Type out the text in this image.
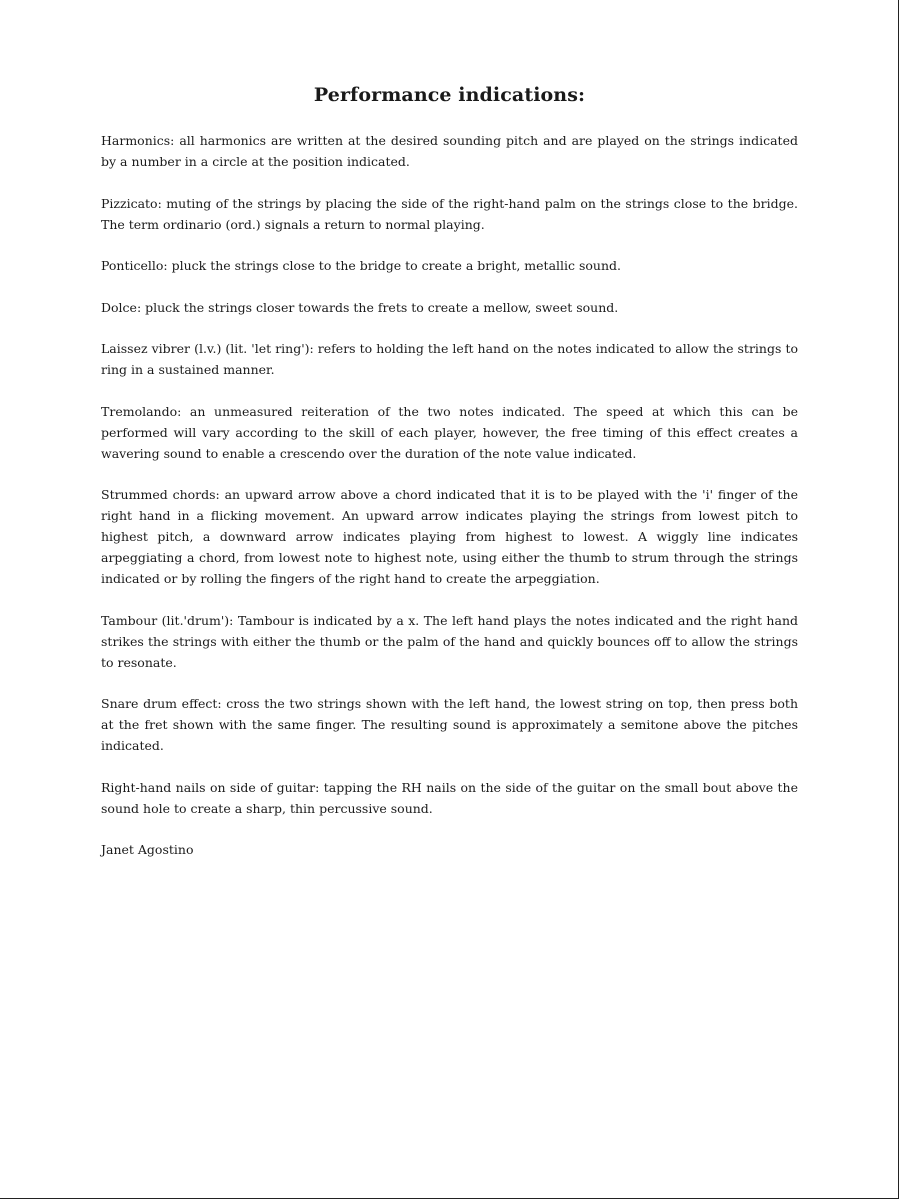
Performance indications:

Harmonics: all harmonics are written at the desired sounding pitch and are played on the strings indicated by a number in a circle at the position indicated.

Pizzicato: muting of the strings by placing the side of the right-hand palm on the strings close to the bridge. The term ordinario (ord.) signals a return to normal playing.

Ponticello: pluck the strings close to the bridge to create a bright, metallic sound.

Dolce: pluck the strings closer towards the frets to create a mellow, sweet sound.

Laissez vibrer (l.v.) (lit. 'let ring'): refers to holding the left hand on the notes indicated to allow the strings to ring in a sustained manner.

Tremolando: an unmeasured reiteration of the two notes indicated. The speed at which this can be performed will vary according to the skill of each player, however, the free timing of this effect creates a wavering sound to enable a crescendo over the duration of the note value indicated.

Strummed chords: an upward arrow above a chord indicated that it is to be played with the 'i' finger of the right hand in a flicking movement. An upward arrow indicates playing the strings from lowest pitch to highest pitch, a downward arrow indicates playing from highest to lowest. A wiggly line indicates arpeggiating a chord, from lowest note to highest note, using either the thumb to strum through the strings indicated or by rolling the fingers of the right hand to create the arpeggiation.

Tambour (lit.'drum'): Tambour is indicated by a x. The left hand plays the notes indicated and the right hand strikes the strings with either the thumb or the palm of the hand and quickly bounces off to allow the strings to resonate.

Snare drum effect: cross the two strings shown with the left hand, the lowest string on top, then press both at the fret shown with the same finger. The resulting sound is approximately a semitone above the pitches indicated.

Right-hand nails on side of guitar: tapping the RH nails on the side of the guitar on the small bout above the sound hole to create a sharp, thin percussive sound.

Janet Agostino
